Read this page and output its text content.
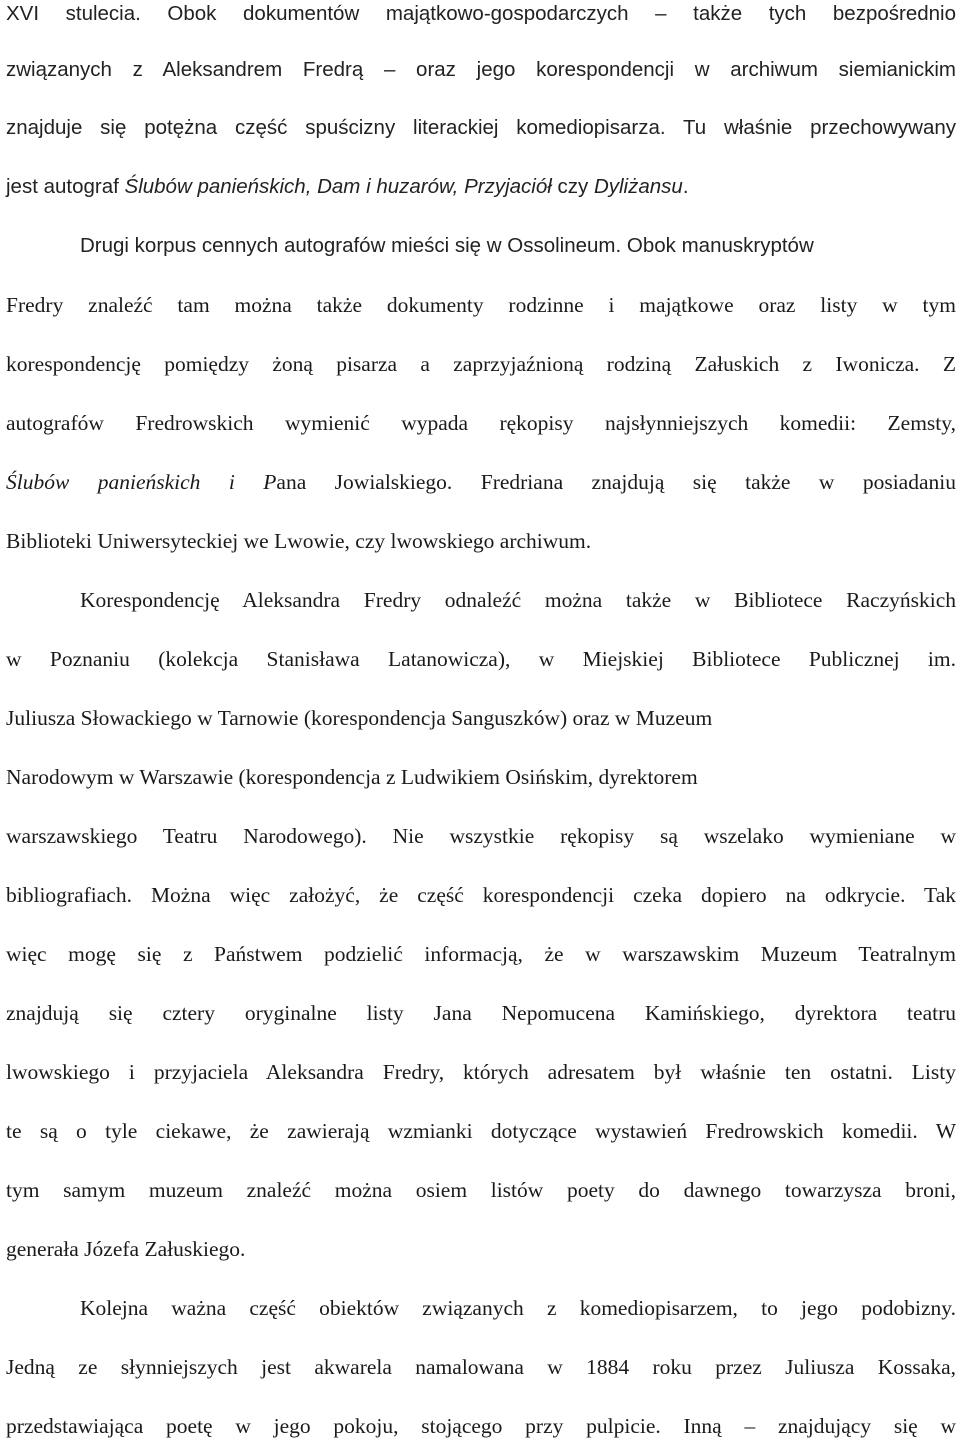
XVI stulecia. Obok dokumentów majątkowo-gospodarczych – także tych bezpośrednio
związanych z Aleksandrem Fredrą – oraz jego korespondencji w archiwum siemianickim
znajduje się potężna część spuścizny literackiej komediopisarza. Tu właśnie przechowywany
jest autograf Ślubów panieńskich, Dam i huzarów, Przyjaciół czy Dyliżansu.
Drugi korpus cennych autografów mieści się w Ossolineum. Obok manuskryptów
Fredry znaleźć tam można także dokumenty rodzinne i majątkowe oraz listy w tym
korespondencję pomiędzy żoną pisarza a zaprzyjaźnioną rodziną Załuskich z Iwonicza. Z
autografów Fredrowskich wymienić wypada rękopisy najsłynniejszych komedii: Zemsty,
Ślubów panieńskich i Pana Jowialskiego. Fredriana znajdują się także w posiadaniu
Biblioteki Uniwersyteckiej we Lwowie, czy lwowskiego archiwum.
Korespondencję Aleksandra Fredry odnaleźć można także w Bibliotece Raczyńskich
w Poznaniu (kolekcja Stanisława Latanowicza), w Miejskiej Bibliotece Publicznej im.
Juliusza Słowackiego w Tarnowie (korespondencja Sanguszków) oraz w Muzeum
Narodowym w Warszawie (korespondencja z Ludwikiem Osińskim, dyrektorem
warszawskiego Teatru Narodowego). Nie wszystkie rękopisy są wszelako wymieniane w
bibliografiach. Można więc założyć, że część korespondencji czeka dopiero na odkrycie. Tak
więc mogę się z Państwem podzielić informacją, że w warszawskim Muzeum Teatralnym
znajdują się cztery oryginalne listy Jana Nepomucena Kamińskiego, dyrektora teatru
lwowskiego i przyjaciela Aleksandra Fredry, których adresatem był właśnie ten ostatni. Listy
te są o tyle ciekawe, że zawierają wzmianki dotyczące wystawień Fredrowskich komedii. W
tym samym muzeum znaleźć można osiem listów poety do dawnego towarzysza broni,
generała Józefa Załuskiego.
Kolejna ważna część obiektów związanych z komediopisarzem, to jego podobizny.
Jedną ze słynniejszych jest akwarela namalowana w 1884 roku przez Juliusza Kossaka,
przedstawiająca poetę w jego pokoju, stojącego przy pulpicie. Inną – znajdujący się w
